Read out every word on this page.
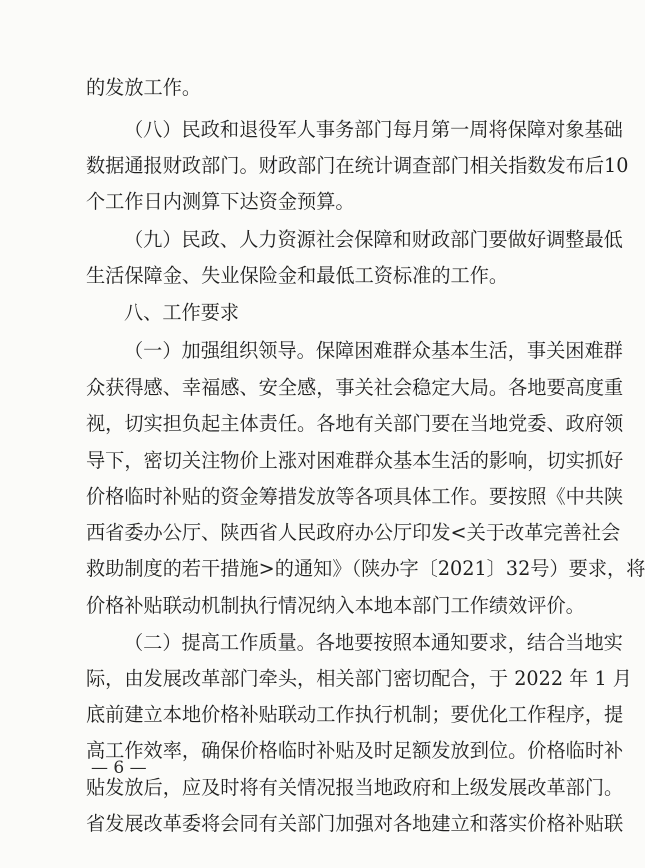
的发放工作。
（八）民政和退役军人事务部门每月第一周将保障对象基础
数据通报财政部门。财政部门在统计调查部门相关指数发布后10
个工作日内测算下达资金预算。
（九）民政、人力资源社会保障和财政部门要做好调整最低
生活保障金、失业保险金和最低工资标准的工作。
八、工作要求
（一）加强组织领导。保障困难群众基本生活，事关困难群
众获得感、幸福感、安全感，事关社会稳定大局。各地要高度重
视，切实担负起主体责任。各地有关部门要在当地党委、政府领
导下，密切关注物价上涨对困难群众基本生活的影响，切实抓好
价格临时补贴的资金筹措发放等各项具体工作。要按照《中共陕
西省委办公厅、陕西省人民政府办公厅印发<关于改革完善社会
救助制度的若干措施>的通知》（陕办字〔2021〕32号）要求，将
价格补贴联动机制执行情况纳入本地本部门工作绩效评价。
（二）提高工作质量。各地要按照本通知要求，结合当地实
际，由发展改革部门牵头，相关部门密切配合，于 2022 年 1 月
底前建立本地价格补贴联动工作执行机制；要优化工作程序，提
高工作效率，确保价格临时补贴及时足额发放到位。价格临时补
贴发放后，应及时将有关情况报当地政府和上级发展改革部门。
省发展改革委将会同有关部门加强对各地建立和落实价格补贴联
— 6 —
